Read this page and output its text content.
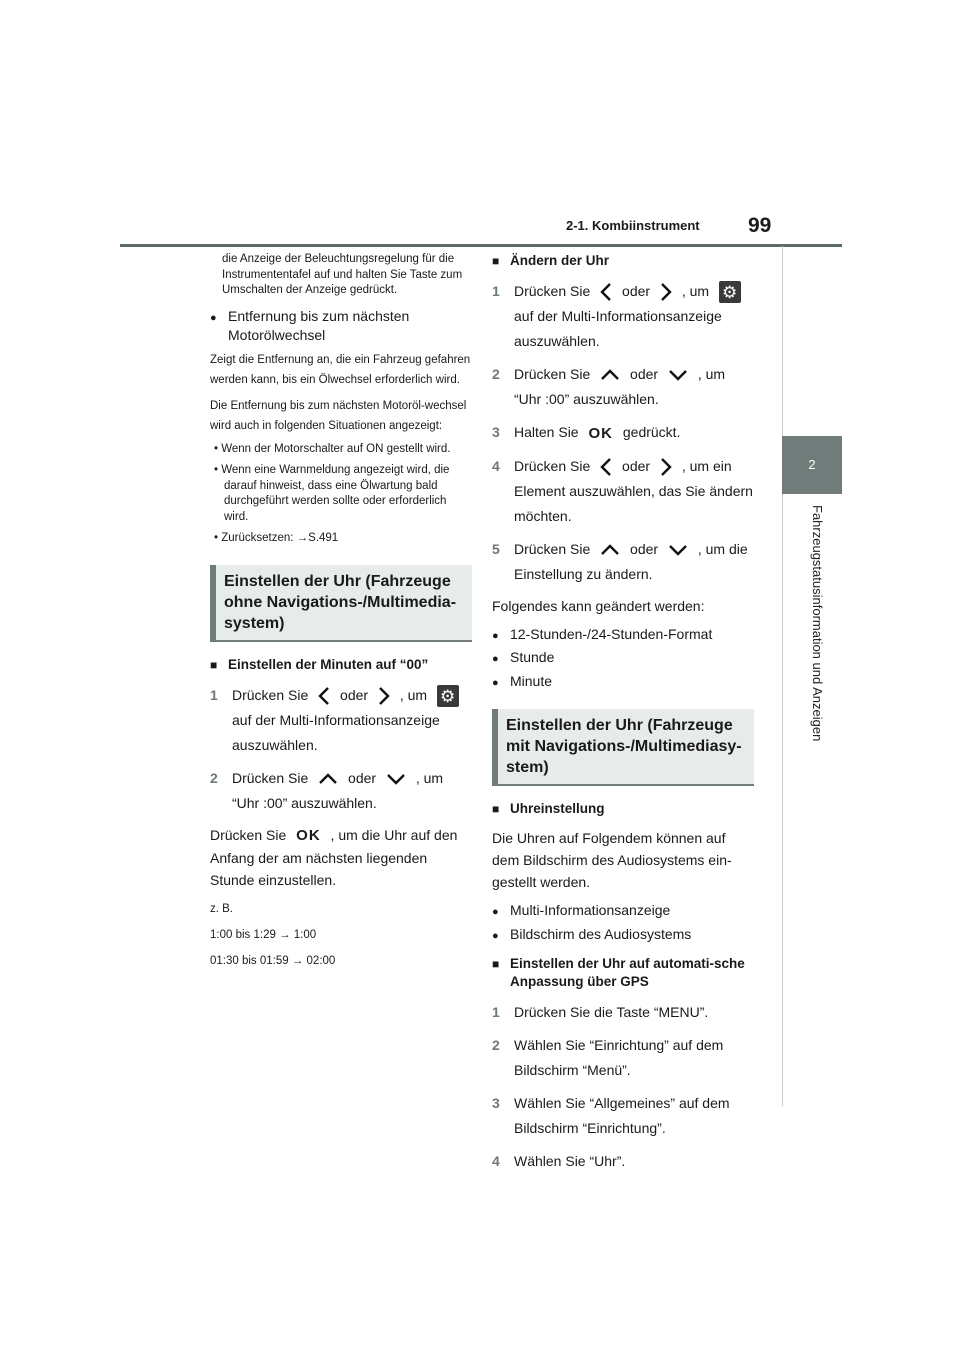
2-1. Kombiinstrument 99
2
Fahrzeugstatusinformation und Anzeigen

die Anzeige der Beleuchtungsregelung für die Instrumententafel auf und halten Sie Taste zum Umschalten der Anzeige gedrückt.

● Entfernung bis zum nächsten Motorölwechsel

Zeigt die Entfernung an, die ein Fahrzeug gefahren werden kann, bis ein Ölwechsel erforderlich wird.

Die Entfernung bis zum nächsten Motoröl-wechsel wird auch in folgenden Situationen angezeigt:

• Wenn der Motorschalter auf ON gestellt wird.

• Wenn eine Warnmeldung angezeigt wird, die darauf hinweist, dass eine Ölwartung bald durchgeführt werden sollte oder erforderlich wird.

• Zurücksetzen: →S.491

Einstellen der Uhr (Fahrzeuge ohne Navigations-/Multimedia-system)

■ Einstellen der Minuten auf “00”

1 Drücken Sie oder , um ⚙ auf der Multi-Informationsanzeige auszuwählen.
2 Drücken Sie	oder	, um “Uhr :00” auszuwählen.

Drücken Sie OK , um die Uhr auf den Anfang der am nächsten liegenden Stunde einzustellen.

z. B.

1:00 bis 1:29 → 1:00

01:30 bis 01:59 → 02:00

■ Ändern der Uhr

1 Drücken Sie oder , um ⚙ auf der Multi-Informationsanzeige auszuwählen.
2 Drücken Sie	oder	, um “Uhr :00” auszuwählen.
3 Halten Sie OK gedrückt.
4 Drücken Sie oder , um ein Element auszuwählen, das Sie ändern möchten.
5 Drücken Sie	oder	, um die Einstellung zu ändern.

Folgendes kann geändert werden:

● 12-Stunden-/24-Stunden-Format

● Stunde

● Minute

Einstellen der Uhr (Fahrzeuge mit Navigations-/Multimediasy-stem)

■ Uhreinstellung

Die Uhren auf Folgendem können auf dem Bildschirm des Audiosystems ein-gestellt werden.

● Multi-Informationsanzeige

● Bildschirm des Audiosystems

■ Einstellen der Uhr auf automati-sche Anpassung über GPS

1 Drücken Sie die Taste “MENU”.
2 Wählen Sie “Einrichtung” auf dem Bildschirm “Menü”.
3 Wählen Sie “Allgemeines” auf dem Bildschirm “Einrichtung”.
4 Wählen Sie “Uhr”.
